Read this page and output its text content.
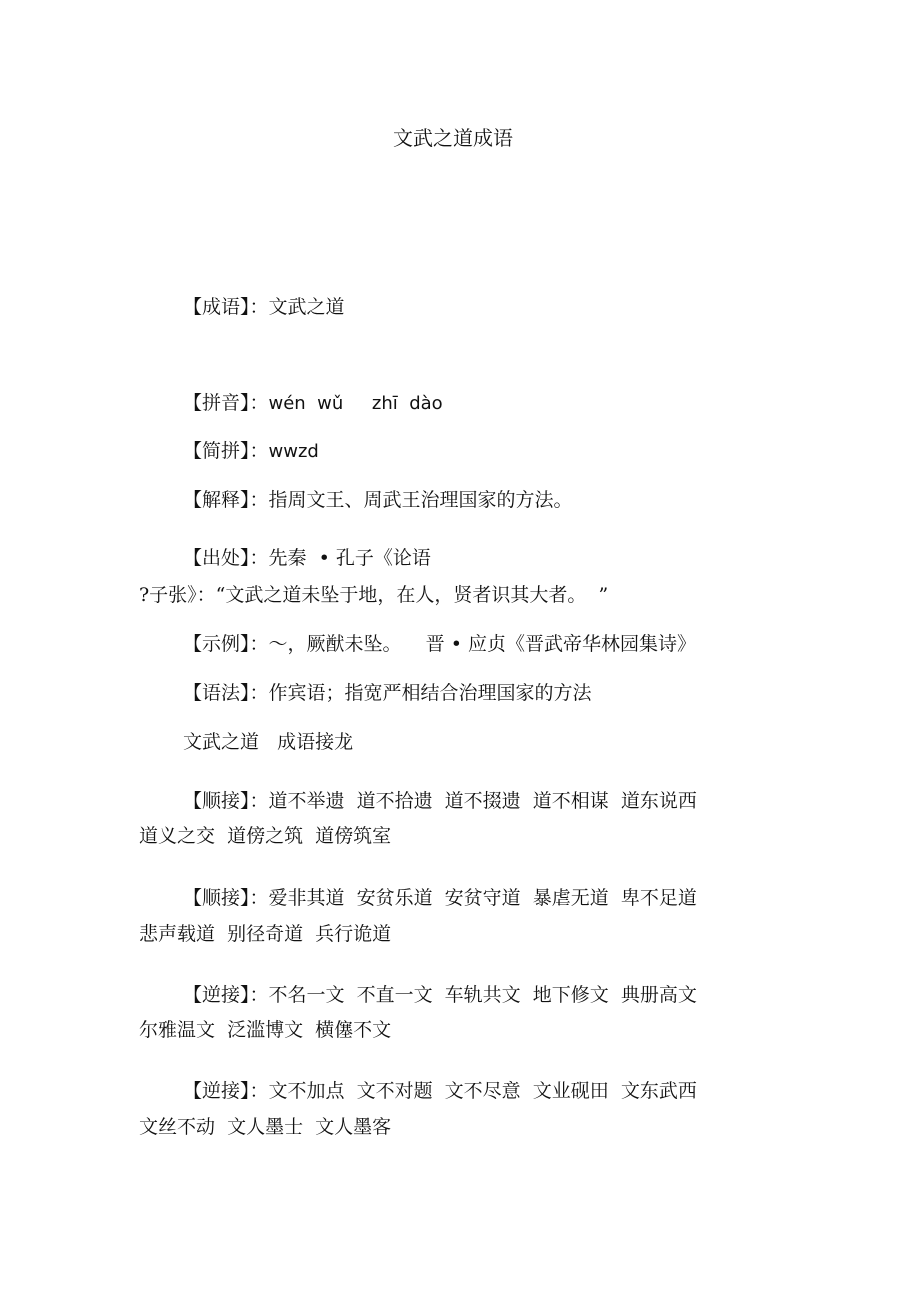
文武之道成语

【成语】：文武之道

【拼音】：wén  wǔ     zhī  dào

【简拼】：wwzd

【解释】：指周文王、周武王治理国家的方法。

【出处】：先秦  • 孔子《论语

?子张》：“文武之道未坠于地，在人，贤者识其大者。  ”

【示例】：～，厥猷未坠。    晋 • 应贞《晋武帝华林园集诗》

【语法】：作宾语；指宽严相结合治理国家的方法

文武之道   成语接龙

【顺接】：道不举遗  道不拾遗  道不掇遗  道不相谋  道东说西

道义之交  道傍之筑  道傍筑室

【顺接】：爱非其道  安贫乐道  安贫守道  暴虐无道  卑不足道

悲声载道  别径奇道  兵行诡道

【逆接】：不名一文  不直一文  车轨共文  地下修文  典册高文

尔雅温文  泛滥博文  横僿不文

【逆接】：文不加点  文不对题  文不尽意  文业砚田  文东武西

文丝不动  文人墨士  文人墨客
